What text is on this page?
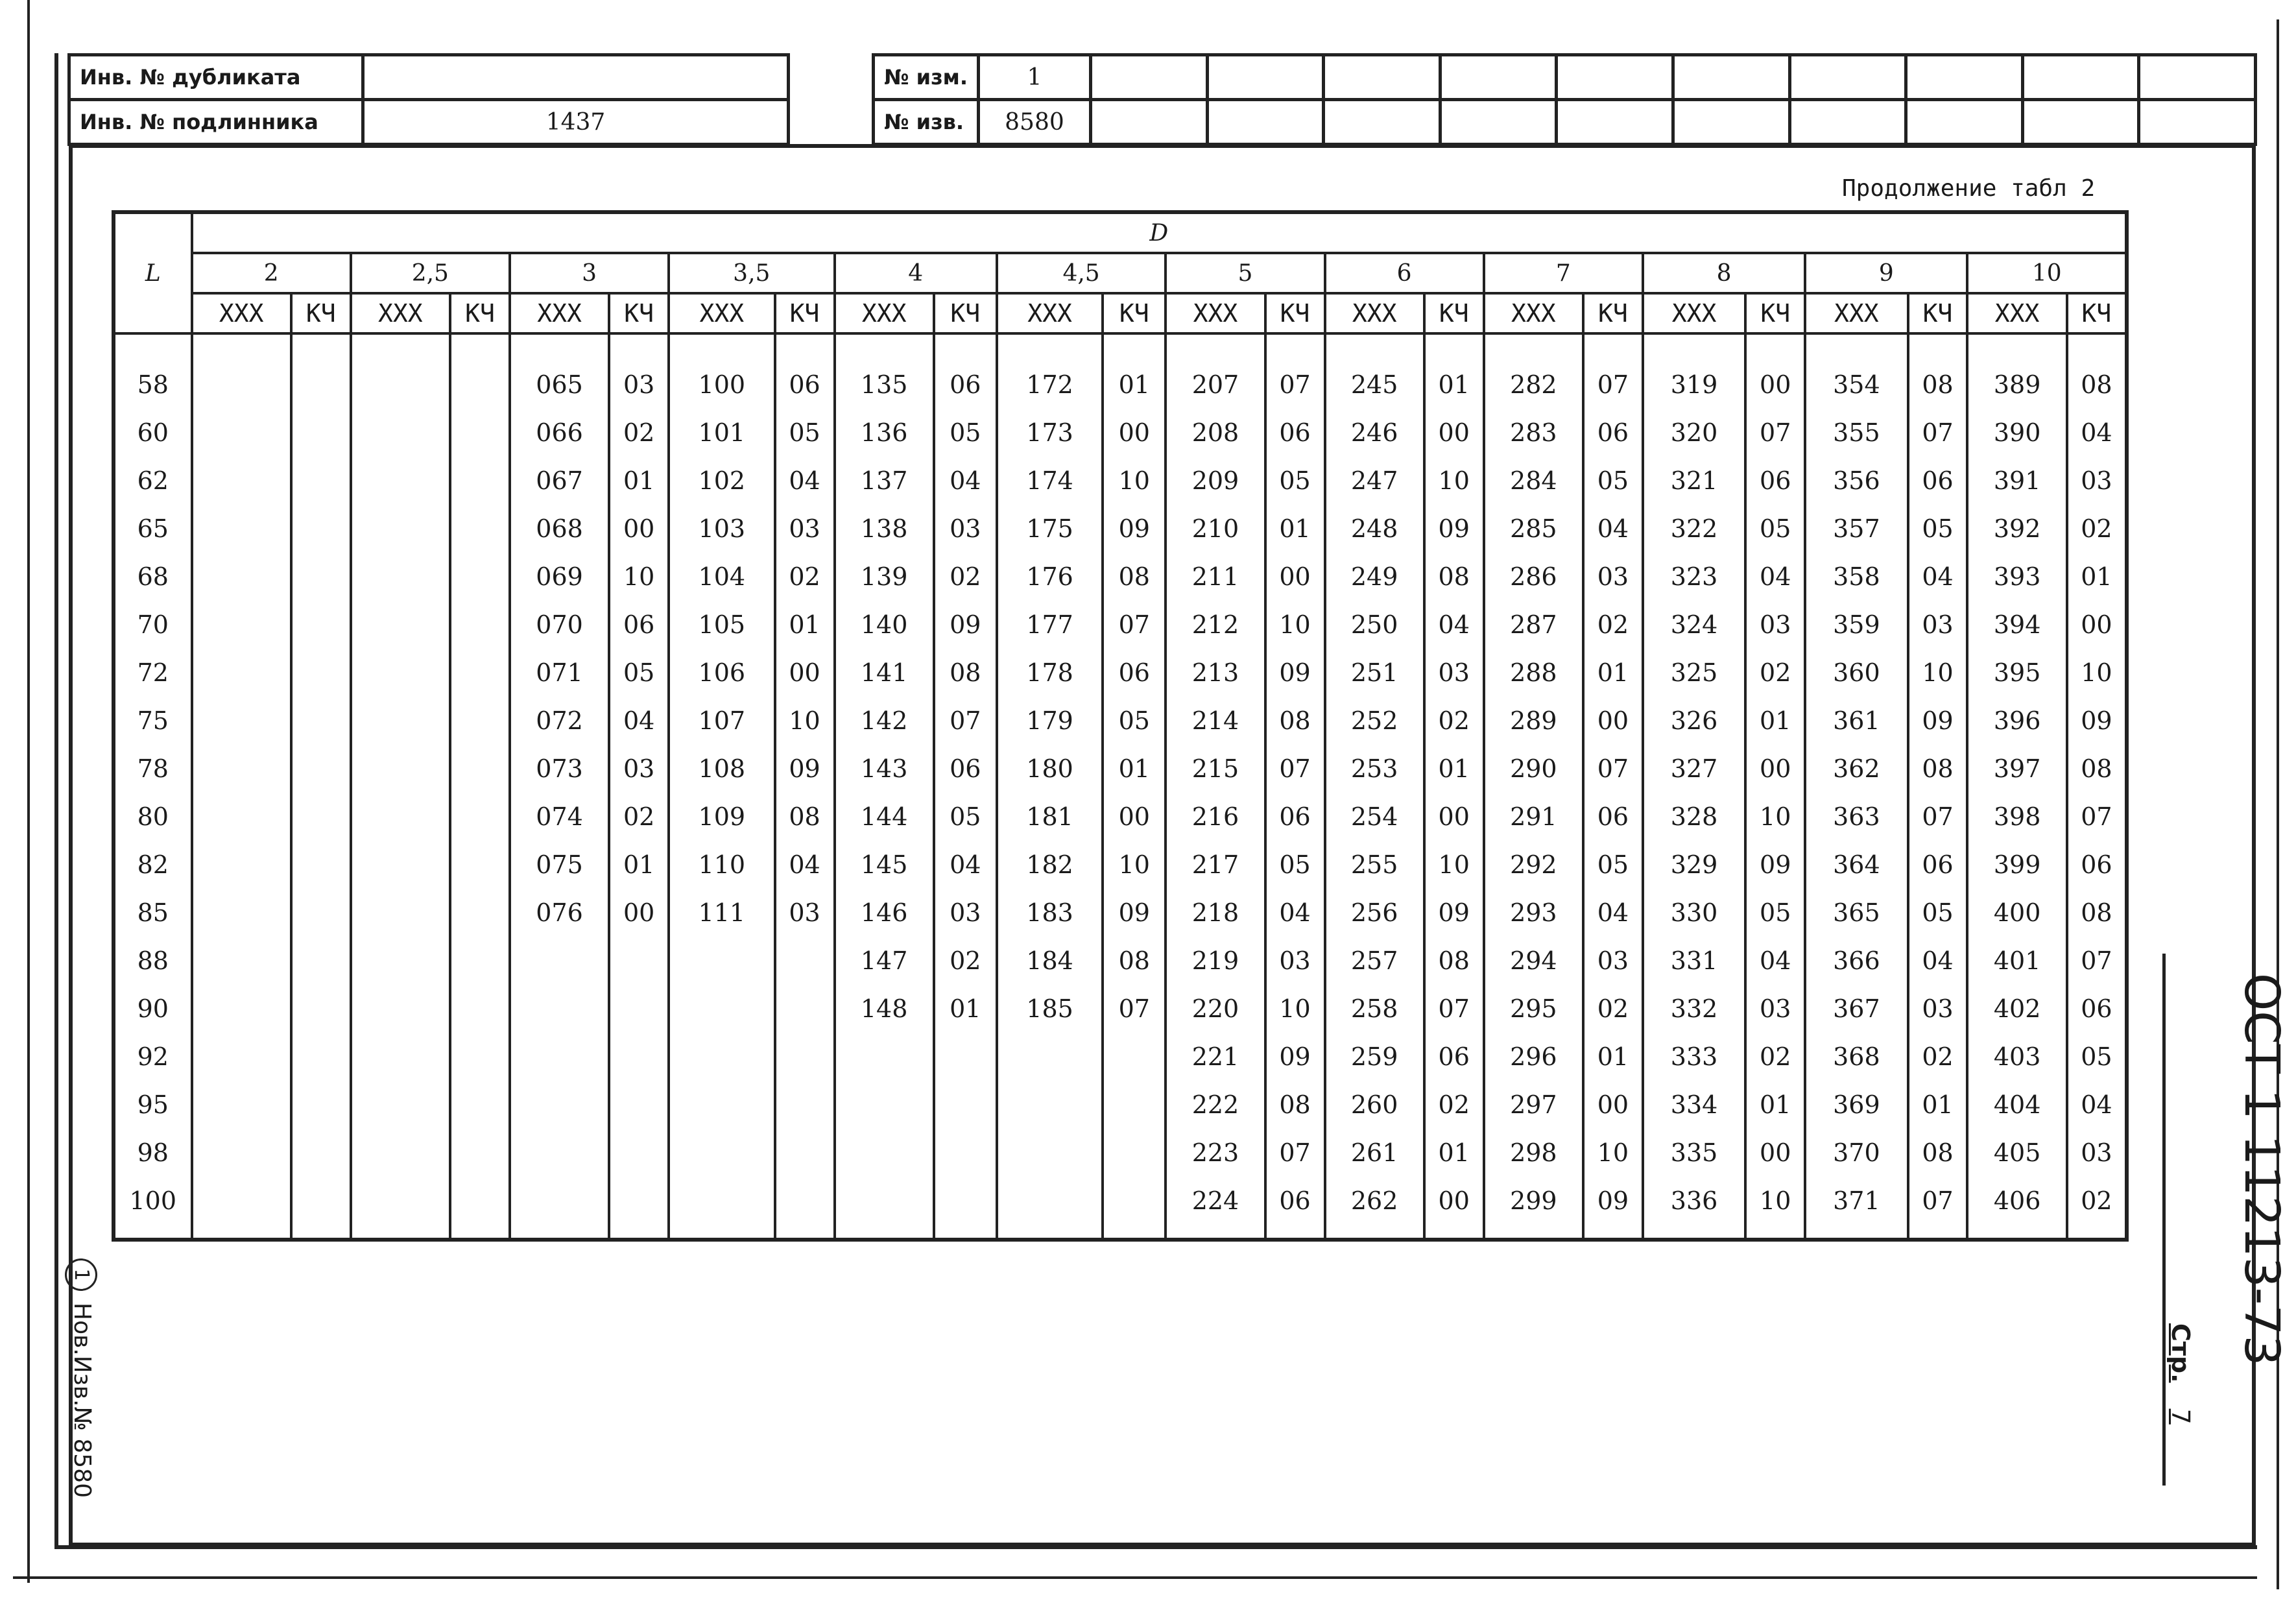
Инв. № дубликата	
Инв. № подлинника	1437
№ изм.	1										
№ изв.	8580										
Продолжение табл 2
L	D																							
	2		2,5		3		3,5		4		4,5		5		6		7		8		9		10	
	XXX	КЧ	XXX	КЧ	XXX	КЧ	XXX	КЧ	XXX	КЧ	XXX	КЧ	XXX	КЧ	XXX	КЧ	XXX	КЧ	XXX	КЧ	XXX	КЧ	XXX	КЧ
58					065	03	100	06	135	06	172	01	207	07	245	01	282	07	319	00	354	08	389	08
60					066	02	101	05	136	05	173	00	208	06	246	00	283	06	320	07	355	07	390	04
62					067	01	102	04	137	04	174	10	209	05	247	10	284	05	321	06	356	06	391	03
65					068	00	103	03	138	03	175	09	210	01	248	09	285	04	322	05	357	05	392	02
68					069	10	104	02	139	02	176	08	211	00	249	08	286	03	323	04	358	04	393	01
70					070	06	105	01	140	09	177	07	212	10	250	04	287	02	324	03	359	03	394	00
72					071	05	106	00	141	08	178	06	213	09	251	03	288	01	325	02	360	10	395	10
75					072	04	107	10	142	07	179	05	214	08	252	02	289	00	326	01	361	09	396	09
78					073	03	108	09	143	06	180	01	215	07	253	01	290	07	327	00	362	08	397	08
80					074	02	109	08	144	05	181	00	216	06	254	00	291	06	328	10	363	07	398	07
82					075	01	110	04	145	04	182	10	217	05	255	10	292	05	329	09	364	06	399	06
85					076	00	111	03	146	03	183	09	218	04	256	09	293	04	330	05	365	05	400	08
88									147	02	184	08	219	03	257	08	294	03	331	04	366	04	401	07
90									148	01	185	07	220	10	258	07	295	02	332	03	367	03	402	06
92													221	09	259	06	296	01	333	02	368	02	403	05
95													222	08	260	02	297	00	334	01	369	01	404	04
98													223	07	261	01	298	10	335	00	370	08	405	03
100													224	06	262	00	299	09	336	10	371	07	406	02	ОСТ 1 11213-73
Стр.7
1Нов.Изв.№ 8580
